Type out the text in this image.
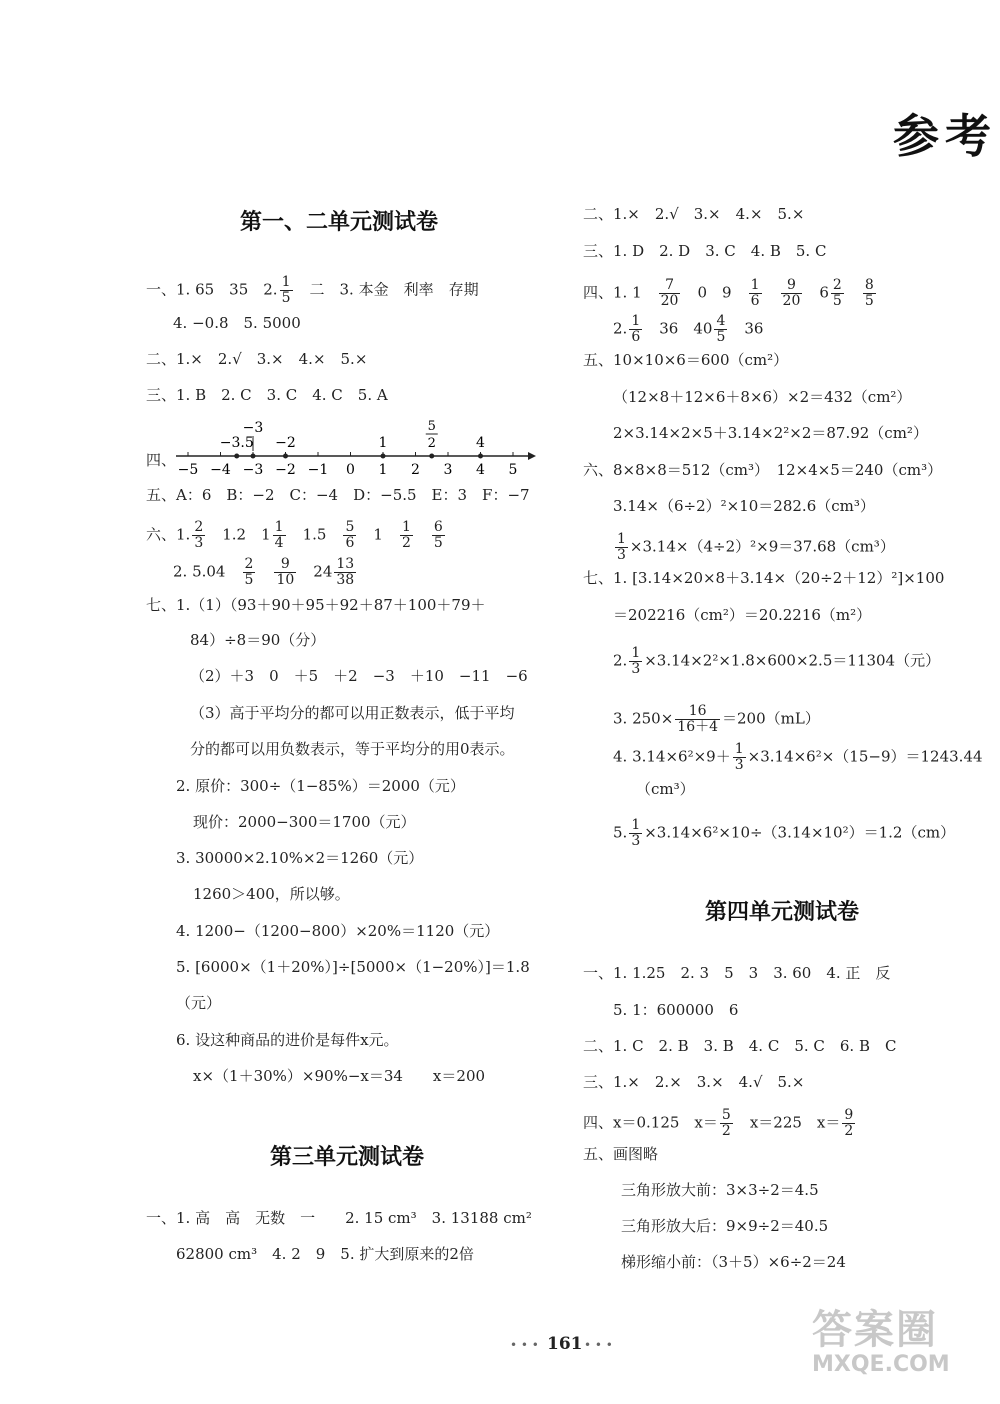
参考
第一、二单元测试卷
一、1. 65　35　2. $\frac{1}{5}$
　 二　3. 本金　利率　存期
4. −0.8　5. 5000
二、1.×　2.√　3.×　4.×　5.×
三、1. B　2. C　3. C　4. C　5. A
四、
−5 −4 −3 −2 −1 0 1 2 3 4 5
−3.5
−3
−2	1	4
5
2
五、A：6　B：−2　C：−4　D：−5.5　E：3　F：−7
六、1. $\frac{2}{3}$
　 1.2　$1 \frac{1}{4}$
　 1.5　 $\frac{5}{6}$
　 1　 $\frac{1}{2}$
　 $\frac{6}{5}$
2. 5.04　 $\frac{2}{5}$
　 $\frac{9}{10}$
　 $24 \frac{13}{38}$
七、1.（1）（93＋90＋95＋92＋87＋100＋79＋
84）÷8＝90（分）
（2）＋3　0　＋5　＋2　−3　＋10　−11　−6
（3）高于平均分的都可以用正数表示，低于平均
分的都可以用负数表示，等于平均分的用0表示。
2. 原价：300÷（1−85%）＝2000（元）
现价：2000−300＝1700（元）
3. 30000×2.10%×2＝1260（元）
1260＞400，所以够。
4. 1200−（1200−800）×20%＝1120（元）
5. [6000×（1＋20%）]÷[5000×（1−20%）]＝1.8
（元）
6. 设这种商品的进价是每件x元。
x×（1＋30%）×90%−x＝34　　x＝200
第三单元测试卷
一、1. 高　高　无数　一　　2. 15 cm³　3. 13188 cm²
62800 cm³　4. 2　9　5. 扩大到原来的2倍
二、1.×　2.√　3.×　4.×　5.×
三、1. D　2. D　3. C　4. B　5. C
四、1. 1　 $\frac{7}{20}$
　 0　9　 $\frac{1}{6}$
　 $\frac{9}{20}$
　 $6 \frac{2}{5}$
　 $\frac{8}{5}$
2. $\frac{1}{6}$
　 36　$40 \frac{4}{5}$
　 36
五、10×10×6＝600（cm²）
（12×8＋12×6＋8×6）×2＝432（cm²）
2×3.14×2×5＋3.14×2²×2＝87.92（cm²）
六、8×8×8＝512（cm³）　12×4×5＝240（cm³）
3.14×（6÷2）²×10＝282.6（cm³）
$\frac{1}{3} \times 3.14\times(4\div 2)^2\times 9=37.68(cm^3)$
七、1. [3.14×20×8＋3.14×（20÷2＋12）²]×100
＝202216（cm²）＝20.2216（m²）
2. $\frac{1}{3} \times 3.14\times 2^2\times 1.8\times 600\times 2.5=11304$（元）
3. $250\times \frac{16}{16+4} =200(mL)$
4. $3.14\times 6^2\times 9+ \frac{1}{3} \times 3.14\times 6^2\times(15-9)=1243.44$
（cm³）
5. $\frac{1}{3} \times 3.14\times 6^2\times 10\div(3.14\times 10^2)=1.2(cm)$
第四单元测试卷
一、1. 1.25　2. 3　5　3　3. 60　4. 正　反
5. 1：600000　6
二、1. C　2. B　3. B　4. C　5. C　6. B　C
三、1.×　2.×　3.×　4.√　5.×
四、x＝0.125　$x= \frac{5}{2}$
　 x＝225　$x= \frac{9}{2}$
五、画图略
三角形放大前：3×3÷2＝4.5
三角形放大后：9×9÷2＝40.5
梯形缩小前：（3＋5）×6÷2＝24
• • • 161 • • •	答案圈
MXQE.COM
